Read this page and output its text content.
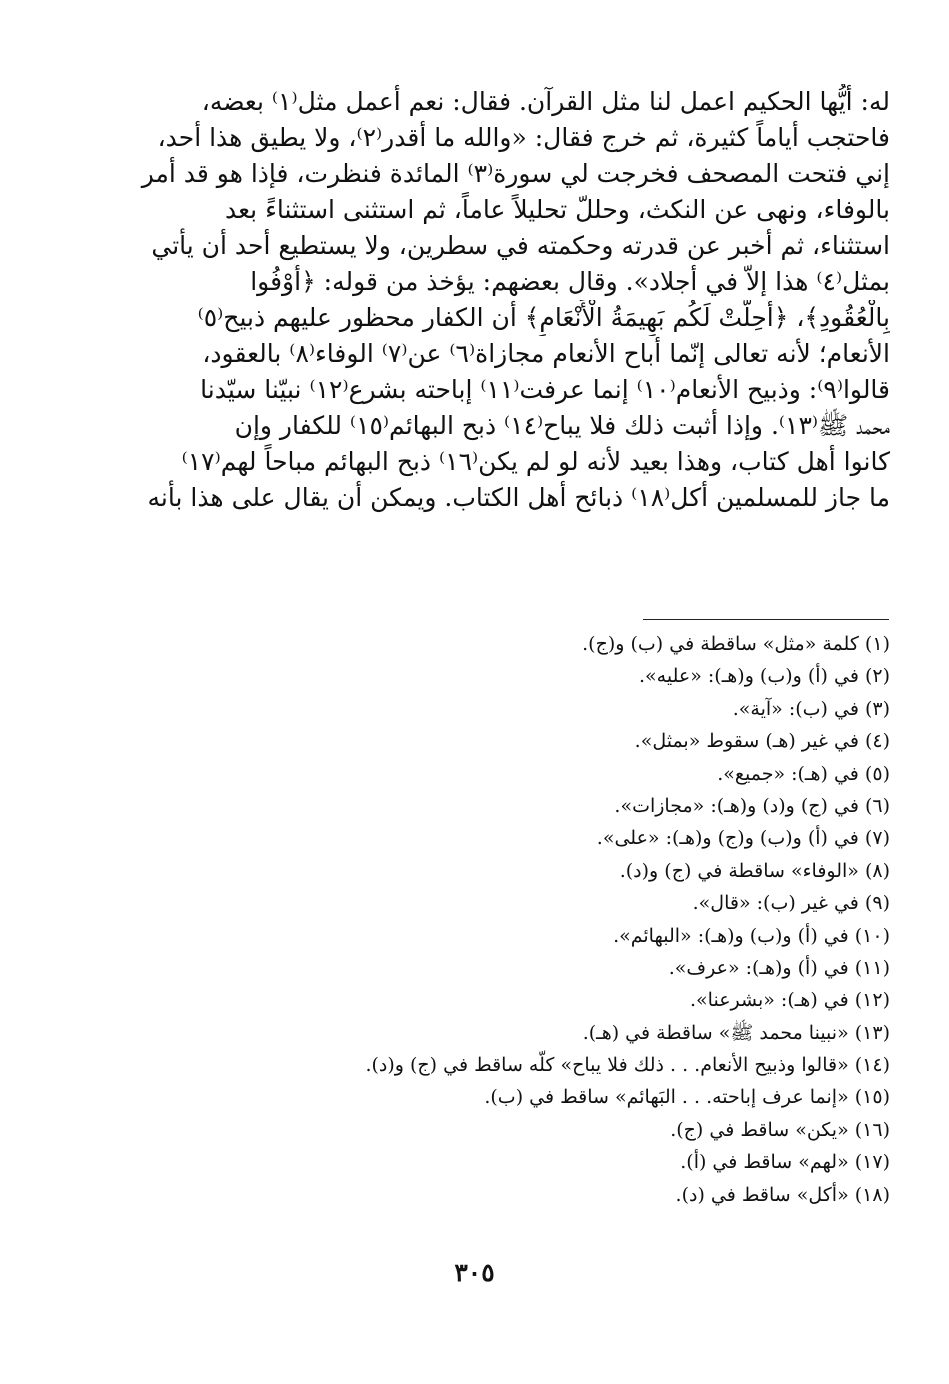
له: أيُّها الحكيم اعمل لنا مثل القرآن. فقال: نعم أعمل مثل⁽١⁾ بعضه،
فاحتجب أياماً كثيرة، ثم خرج فقال: «والله ما أقدر⁽٢⁾، ولا يطيق هذا أحد،
إني فتحت المصحف فخرجت لي سورة⁽٣⁾ المائدة فنظرت، فإذا هو قد أمر
بالوفاء، ونهى عن النكث، وحللّ تحليلاً عاماً، ثم استثنى استثناءً بعد
استثناء، ثم أخبر عن قدرته وحكمته في سطرين، ولا يستطيع أحد أن يأتي
بمثل⁽٤⁾ هذا إلاّ في أجلاد». وقال بعضهم: يؤخذ من قوله: ﴿أَوْفُوا
بِالْعُقُودِ﴾، ﴿أُحِلَّتْ لَكُم بَهِيمَةُ الْأَنْعَامِ﴾ أن الكفار محظور عليهم ذبيح⁽٥⁾
الأنعام؛ لأنه تعالى إنّما أباح الأنعام مجازاة⁽٦⁾ عن⁽٧⁾ الوفاء⁽٨⁾ بالعقود،
قالوا⁽٩⁾: وذبيح الأنعام⁽١٠⁾ إنما عرفت⁽١١⁾ إباحته بشرع⁽١٢⁾ نبيّنا سيّدنا
محمد ﷺ⁽١٣⁾. وإذا أثبت ذلك فلا يباح⁽١٤⁾ ذبح البهائم⁽١٥⁾ للكفار وإن
كانوا أهل كتاب، وهذا بعيد لأنه لو لم يكن⁽١٦⁾ ذبح البهائم مباحاً لهم⁽١٧⁾
ما جاز للمسلمين أكل⁽١٨⁾ ذبائح أهل الكتاب. ويمكن أن يقال على هذا بأنه
(١) كلمة «مثل» ساقطة في (ب) و(ج).
(٢) في (أ) و(ب) و(هـ): «عليه».
(٣) في (ب): «آية».
(٤) في غير (هـ) سقوط «بمثل».
(٥) في (هـ): «جميع».
(٦) في (ج) و(د) و(هـ): «مجازات».
(٧) في (أ) و(ب) و(ج) و(هـ): «على».
(٨) «الوفاء» ساقطة في (ج) و(د).
(٩) في غير (ب): «قال».
(١٠) في (أ) و(ب) و(هـ): «البهائم».
(١١) في (أ) و(هـ): «عرف».
(١٢) في (هـ): «بشرعنا».
(١٣) «نبينا محمد ﷺ» ساقطة في (هـ).
(١٤) «قالوا وذبيح الأنعام. . . ذلك فلا يباح» كلّه ساقط في (ج) و(د).
(١٥) «إنما عرف إباحته. . . البَهائم» ساقط في (ب).
(١٦) «يكن» ساقط في (ج).
(١٧) «لهم» ساقط في (أ).
(١٨) «أكل» ساقط في (د).
٣٠٥
